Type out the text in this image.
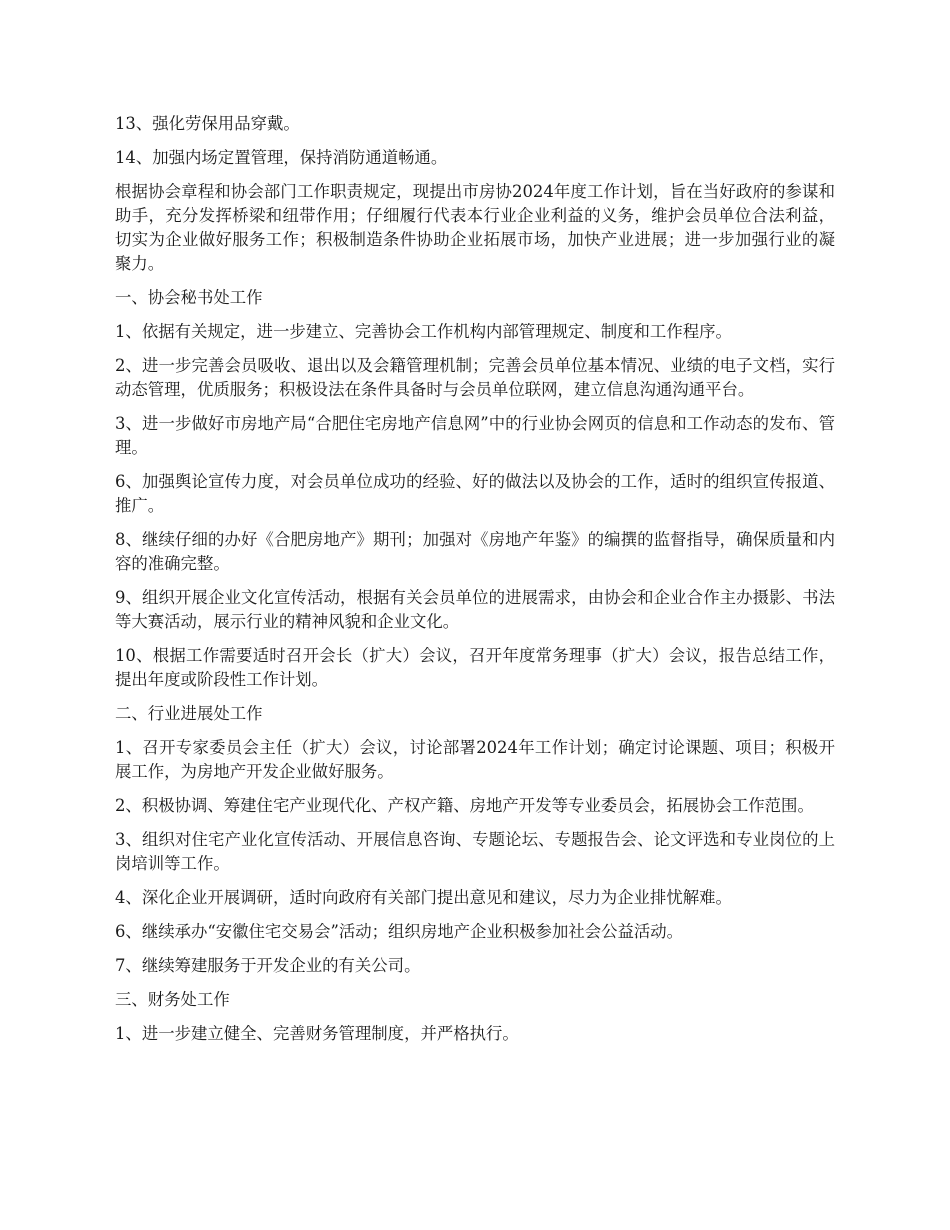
13、强化劳保用品穿戴。

14、加强内场定置管理，保持消防通道畅通。

根据协会章程和协会部门工作职责规定，现提出市房协2024年度工作计划，旨在当好政府的参谋和助手，充分发挥桥梁和纽带作用；仔细履行代表本行业企业利益的义务，维护会员单位合法利益，切实为企业做好服务工作；积极制造条件协助企业拓展市场，加快产业进展；进一步加强行业的凝聚力。

一、协会秘书处工作

1、依据有关规定，进一步建立、完善协会工作机构内部管理规定、制度和工作程序。

2、进一步完善会员吸收、退出以及会籍管理机制；完善会员单位基本情况、业绩的电子文档，实行动态管理，优质服务；积极设法在条件具备时与会员单位联网，建立信息沟通沟通平台。

3、进一步做好市房地产局“合肥住宅房地产信息网”中的行业协会网页的信息和工作动态的发布、管理。

6、加强舆论宣传力度，对会员单位成功的经验、好的做法以及协会的工作，适时的组织宣传报道、推广。

8、继续仔细的办好《合肥房地产》期刊；加强对《房地产年鉴》的编撰的监督指导，确保质量和内容的准确完整。

9、组织开展企业文化宣传活动，根据有关会员单位的进展需求，由协会和企业合作主办摄影、书法等大赛活动，展示行业的精神风貌和企业文化。

10、根据工作需要适时召开会长（扩大）会议，召开年度常务理事（扩大）会议，报告总结工作，提出年度或阶段性工作计划。

二、行业进展处工作

1、召开专家委员会主任（扩大）会议，讨论部署2024年工作计划；确定讨论课题、项目；积极开展工作，为房地产开发企业做好服务。

2、积极协调、筹建住宅产业现代化、产权产籍、房地产开发等专业委员会，拓展协会工作范围。

3、组织对住宅产业化宣传活动、开展信息咨询、专题论坛、专题报告会、论文评选和专业岗位的上岗培训等工作。

4、深化企业开展调研，适时向政府有关部门提出意见和建议，尽力为企业排忧解难。

6、继续承办“安徽住宅交易会”活动；组织房地产企业积极参加社会公益活动。

7、继续筹建服务于开发企业的有关公司。

三、财务处工作

1、进一步建立健全、完善财务管理制度，并严格执行。
